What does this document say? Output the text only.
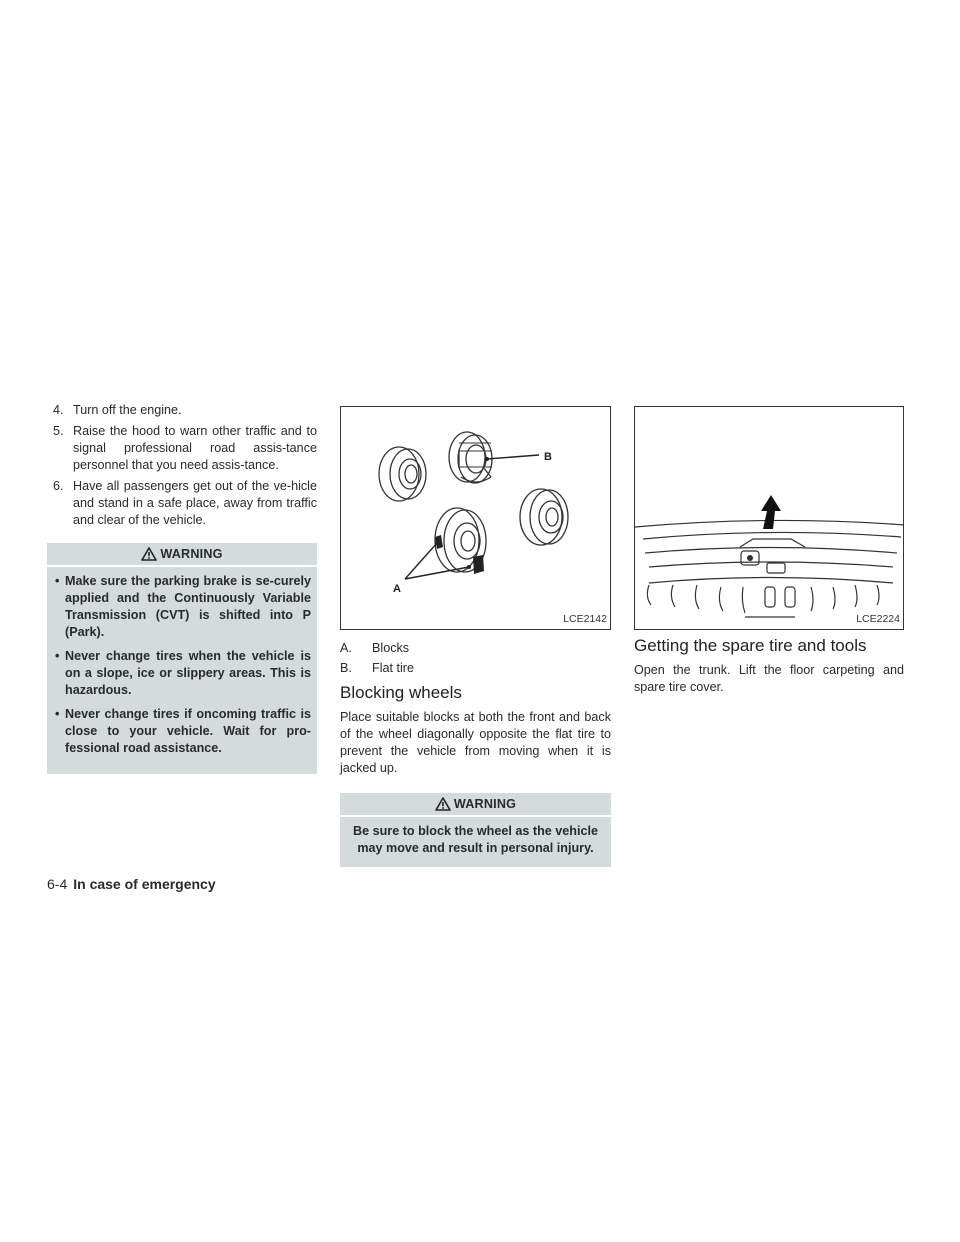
4. Turn off the engine.
5. Raise the hood to warn other traffic and to signal professional road assis-tance personnel that you need assis-tance.
6. Have all passengers get out of the ve-hicle and stand in a safe place, away from traffic and clear of the vehicle.
WARNING
• Make sure the parking brake is se-curely applied and the Continuously Variable Transmission (CVT) is shifted into P (Park).
• Never change tires when the vehicle is on a slope, ice or slippery areas. This is hazardous.
• Never change tires if oncoming traffic is close to your vehicle. Wait for pro-fessional road assistance.
B
A
LCE2142
A. Blocks
B. Flat tire
Blocking wheels

Place suitable blocks at both the front and back of the wheel diagonally opposite the flat tire to prevent the vehicle from moving when it is jacked up.

WARNING
Be sure to block the wheel as the vehicle may move and result in personal injury.
LCE2224
Getting the spare tire and tools

Open the trunk. Lift the floor carpeting and spare tire cover.

6-4 In case of emergency
